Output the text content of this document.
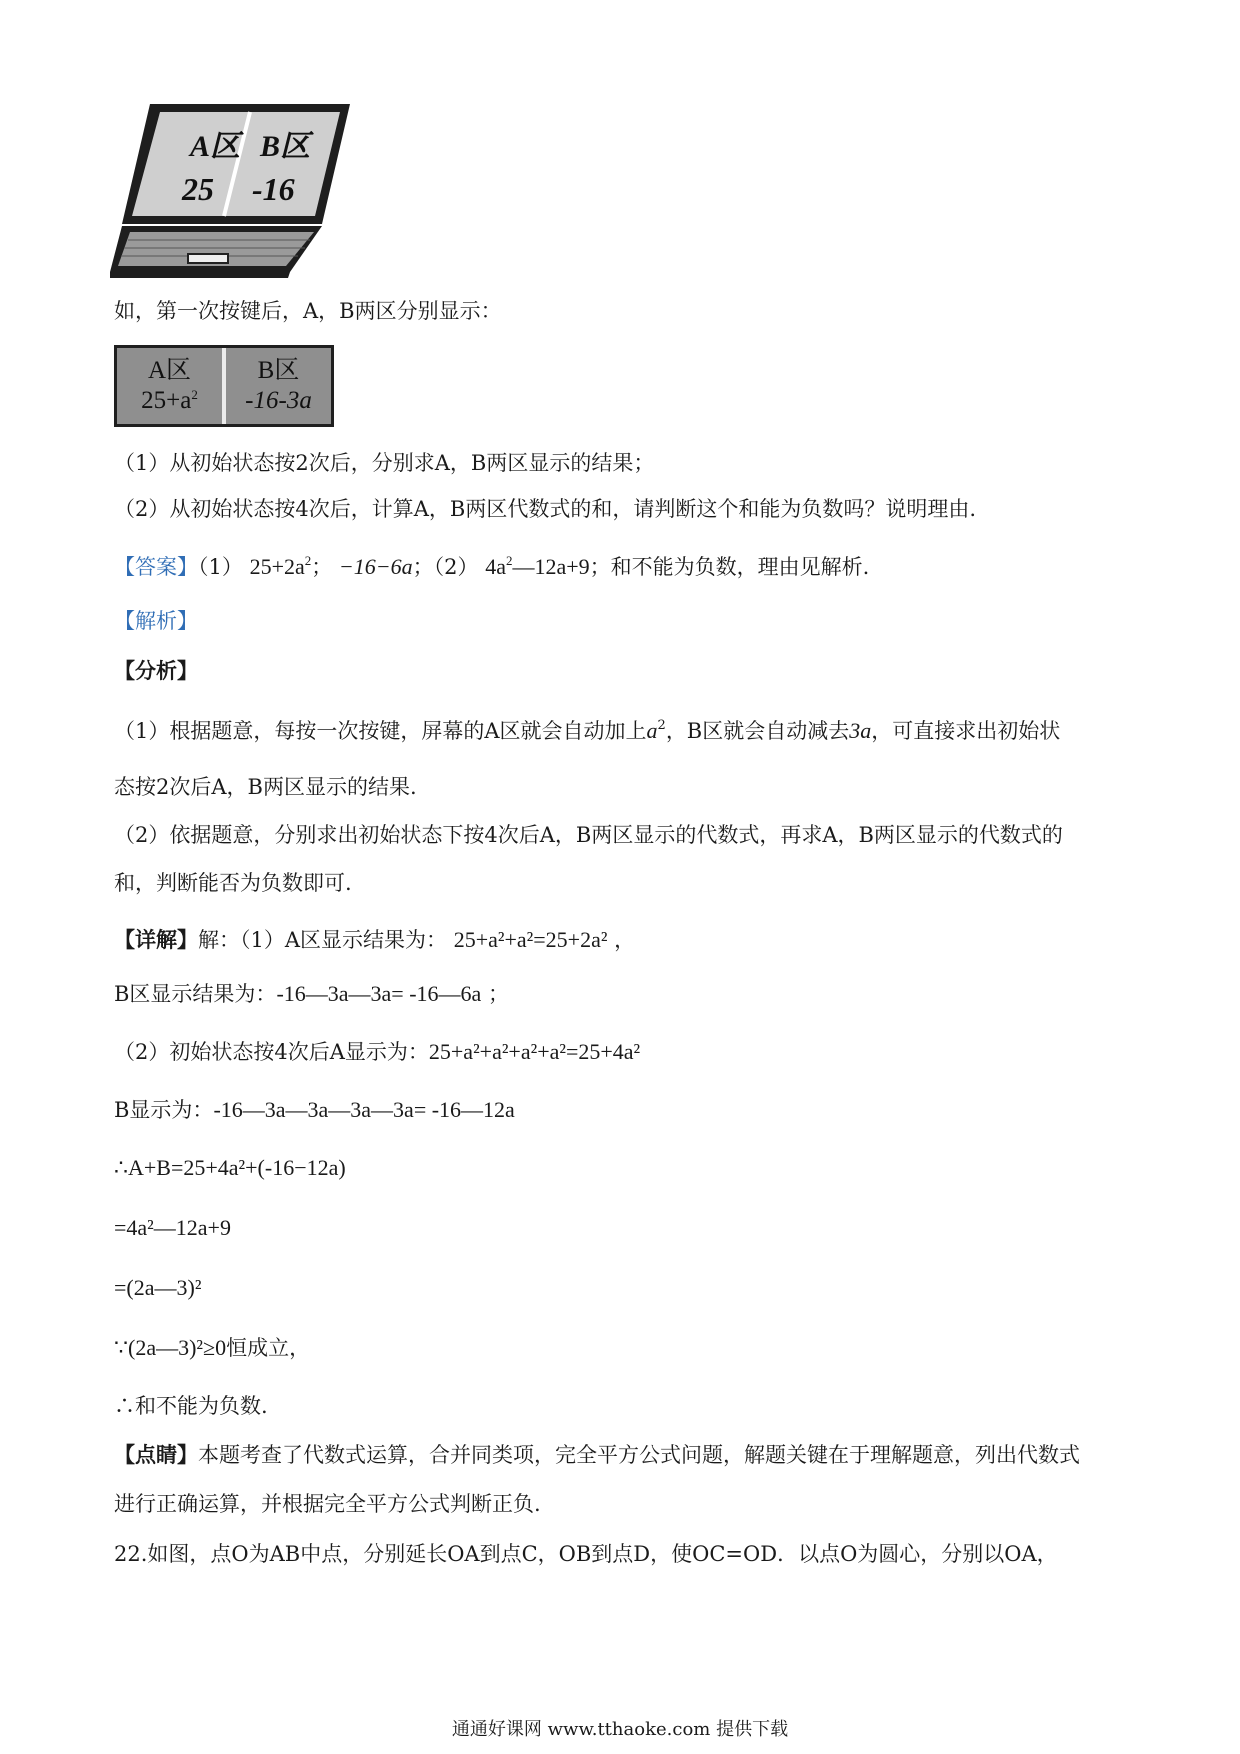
A区 B区
25 -16
如，第一次按键后，A，B两区分别显示：
A区
$25+a^2$
B区
-16-3a
（1）从初始状态按2次后，分别求A，B两区显示的结果；
（2）从初始状态按4次后，计算A，B两区代数式的和，请判断这个和能为负数吗？说明理由.
【答案】（1） $25+2a^2$； −16−6a；（2） $4a^2—12a+9$；和不能为负数，理由见解析.
【解析】
【分析】
（1）根据题意，每按一次按键，屏幕的A区就会自动加上$a^2$，B区就会自动减去3a，可直接求出初始状
态按2次后A，B两区显示的结果.
（2）依据题意，分别求出初始状态下按4次后A，B两区显示的代数式，再求A，B两区显示的代数式的
和，判断能否为负数即可.
【详解】解：（1）A区显示结果为： 25+a²+a²=25+2a² ，
B区显示结果为：-16—3a—3a= -16—6a ；
（2）初始状态按4次后A显示为：25+a²+a²+a²+a²=25+4a²
B显示为：-16—3a—3a—3a—3a= -16—12a
∴A+B=25+4a²+(-16−12a)
=4a²—12a+9
=(2a—3)²
∵(2a—3)²≥0恒成立，
∴和不能为负数.
【点睛】本题考查了代数式运算，合并同类项，完全平方公式问题，解题关键在于理解题意，列出代数式
进行正确运算，并根据完全平方公式判断正负.
22.如图，点O为AB中点，分别延长OA到点C，OB到点D，使OC=OD．以点O为圆心，分别以OA，
通通好课网 www.tthaoke.com 提供下载
